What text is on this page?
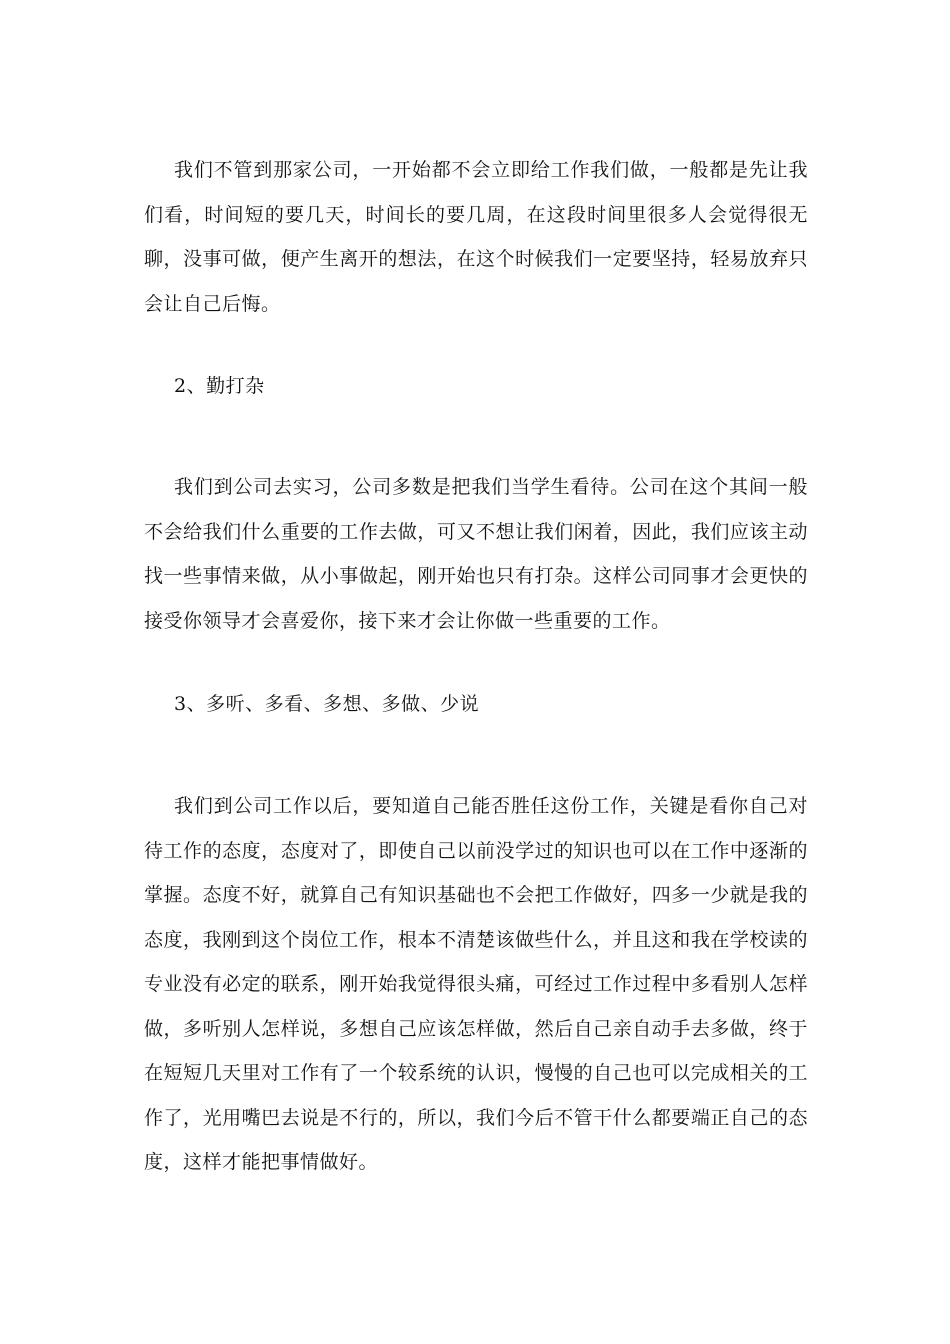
我们不管到那家公司，一开始都不会立即给工作我们做，一般都是先让我们看，时间短的要几天，时间长的要几周，在这段时间里很多人会觉得很无聊，没事可做，便产生离开的想法，在这个时候我们一定要坚持，轻易放弃只会让自己后悔。

2、勤打杂

我们到公司去实习，公司多数是把我们当学生看待。公司在这个其间一般不会给我们什么重要的工作去做，可又不想让我们闲着，因此，我们应该主动找一些事情来做，从小事做起，刚开始也只有打杂。这样公司同事才会更快的接受你领导才会喜爱你，接下来才会让你做一些重要的工作。

3、多听、多看、多想、多做、少说

我们到公司工作以后，要知道自己能否胜任这份工作，关键是看你自己对待工作的态度，态度对了，即使自己以前没学过的知识也可以在工作中逐渐的掌握。态度不好，就算自己有知识基础也不会把工作做好，四多一少就是我的态度，我刚到这个岗位工作，根本不清楚该做些什么，并且这和我在学校读的专业没有必定的联系，刚开始我觉得很头痛，可经过工作过程中多看别人怎样做，多听别人怎样说，多想自己应该怎样做，然后自己亲自动手去多做，终于在短短几天里对工作有了一个较系统的认识，慢慢的自己也可以完成相关的工作了，光用嘴巴去说是不行的，所以，我们今后不管干什么都要端正自己的态度，这样才能把事情做好。
